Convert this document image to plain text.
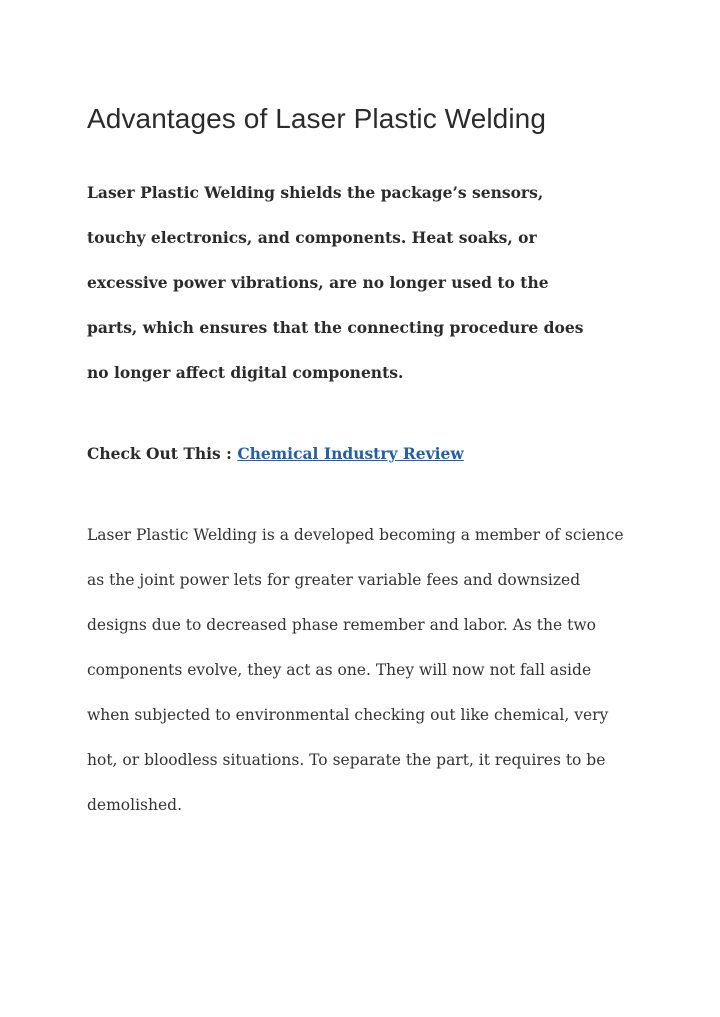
Advantages of Laser Plastic Welding

Laser Plastic Welding shields the package’s sensors,

touchy electronics, and components. Heat soaks, or

excessive power vibrations, are no longer used to the

parts, which ensures that the connecting procedure does

no longer affect digital components.

Check Out This : Chemical Industry Review

Laser Plastic Welding is a developed becoming a member of science

as the joint power lets for greater variable fees and downsized

designs due to decreased phase remember and labor. As the two

components evolve, they act as one. They will now not fall aside

when subjected to environmental checking out like chemical, very

hot, or bloodless situations. To separate the part, it requires to be

demolished.
